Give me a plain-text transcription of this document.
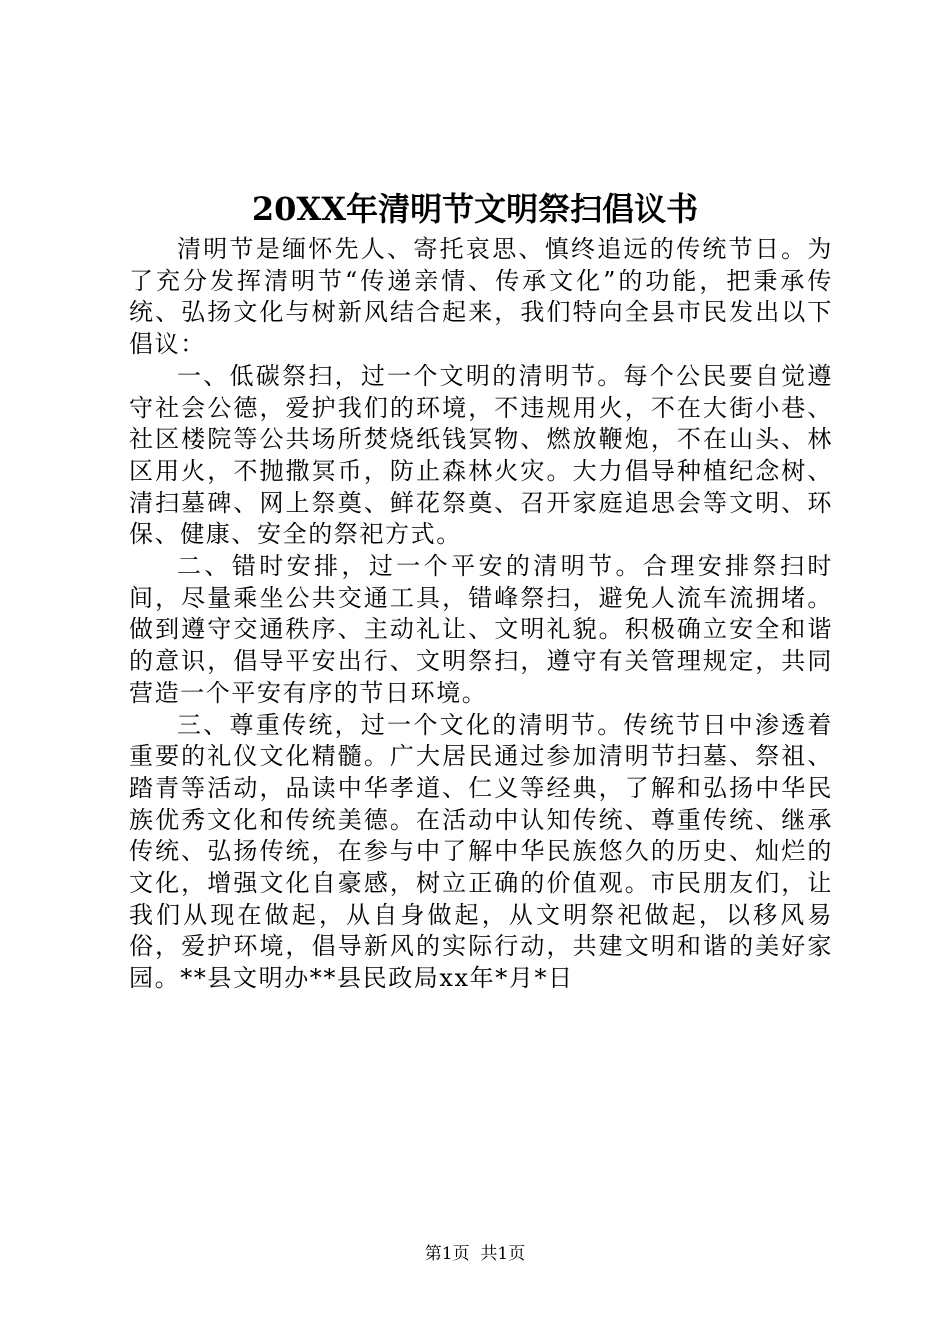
20XX年清明节文明祭扫倡议书

清明节是缅怀先人、寄托哀思、慎终追远的传统节日。为了充分发挥清明节“传递亲情、传承文化”的功能，把秉承传统、弘扬文化与树新风结合起来，我们特向全县市民发出以下倡议：

一、低碳祭扫，过一个文明的清明节。每个公民要自觉遵守社会公德，爱护我们的环境，不违规用火，不在大街小巷、社区楼院等公共场所焚烧纸钱冥物、燃放鞭炮，不在山头、林区用火，不抛撒冥币，防止森林火灾。大力倡导种植纪念树、清扫墓碑、网上祭奠、鲜花祭奠、召开家庭追思会等文明、环保、健康、安全的祭祀方式。

二、错时安排，过一个平安的清明节。合理安排祭扫时间，尽量乘坐公共交通工具，错峰祭扫，避免人流车流拥堵。做到遵守交通秩序、主动礼让、文明礼貌。积极确立安全和谐的意识，倡导平安出行、文明祭扫，遵守有关管理规定，共同营造一个平安有序的节日环境。

三、尊重传统，过一个文化的清明节。传统节日中渗透着重要的礼仪文化精髓。广大居民通过参加清明节扫墓、祭祖、踏青等活动，品读中华孝道、仁义等经典，了解和弘扬中华民族优秀文化和传统美德。在活动中认知传统、尊重传统、继承传统、弘扬传统，在参与中了解中华民族悠久的历史、灿烂的文化，增强文化自豪感，树立正确的价值观。市民朋友们，让我们从现在做起，从自身做起，从文明祭祀做起，以移风易俗，爱护环境，倡导新风的实际行动，共建文明和谐的美好家园。**县文明办**县民政局xx年*月*日

第1页 共1页
